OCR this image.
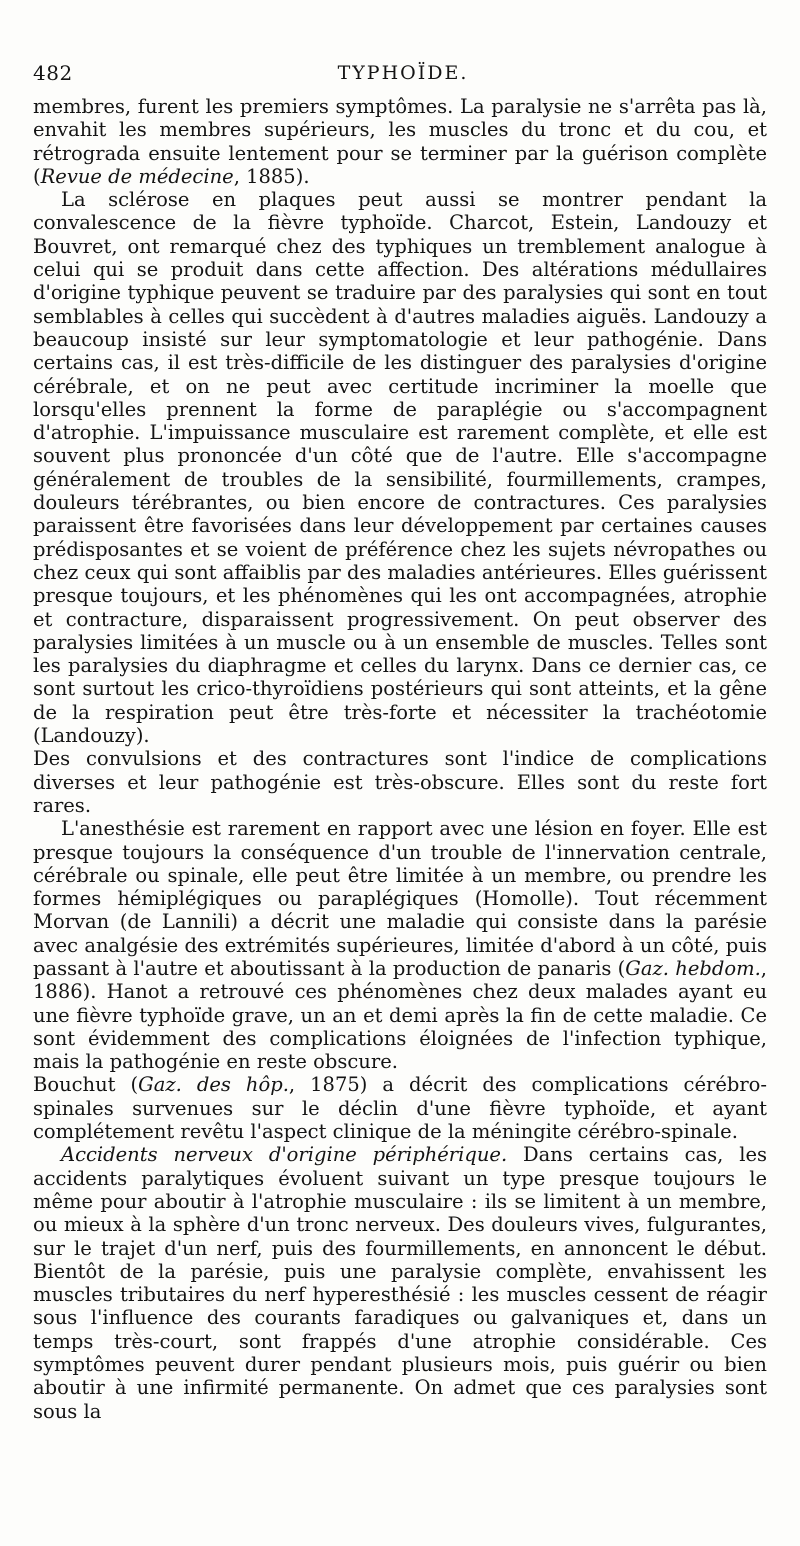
482	TYPHOÏDE.

membres, furent les premiers symptômes. La paralysie ne s'arrêta pas là, envahit les membres supérieurs, les muscles du tronc et du cou, et rétrograda ensuite lentement pour se terminer par la guérison complète (Revue de médecine, 1885).

La sclérose en plaques peut aussi se montrer pendant la convalescence de la fièvre typhoïde. Charcot, Estein, Landouzy et Bouvret, ont remarqué chez des typhiques un tremblement analogue à celui qui se produit dans cette affection. Des altérations médullaires d'origine typhique peuvent se traduire par des paralysies qui sont en tout semblables à celles qui succèdent à d'autres maladies aiguës. Landouzy a beaucoup insisté sur leur symptomatologie et leur pathogénie. Dans certains cas, il est très-difficile de les distinguer des paralysies d'origine cérébrale, et on ne peut avec certitude incriminer la moelle que lorsqu'elles prennent la forme de paraplégie ou s'accompagnent d'atrophie. L'impuissance musculaire est rarement complète, et elle est souvent plus prononcée d'un côté que de l'autre. Elle s'accompagne généralement de troubles de la sensibilité, fourmillements, crampes, douleurs térébrantes, ou bien encore de contractures. Ces paralysies paraissent être favorisées dans leur développement par certaines causes prédisposantes et se voient de préférence chez les sujets névropathes ou chez ceux qui sont affaiblis par des maladies antérieures. Elles guérissent presque toujours, et les phénomènes qui les ont accompagnées, atrophie et contracture, disparaissent progressivement. On peut observer des paralysies limitées à un muscle ou à un ensemble de muscles. Telles sont les paralysies du diaphragme et celles du larynx. Dans ce dernier cas, ce sont surtout les crico-thyroïdiens postérieurs qui sont atteints, et la gêne de la respiration peut être très-forte et nécessiter la trachéotomie (Landouzy).

Des convulsions et des contractures sont l'indice de complications diverses et leur pathogénie est très-obscure. Elles sont du reste fort rares.

L'anesthésie est rarement en rapport avec une lésion en foyer. Elle est presque toujours la conséquence d'un trouble de l'innervation centrale, cérébrale ou spinale, elle peut être limitée à un membre, ou prendre les formes hémiplégiques ou paraplégiques (Homolle). Tout récemment Morvan (de Lannili) a décrit une maladie qui consiste dans la parésie avec analgésie des extrémités supérieures, limitée d'abord à un côté, puis passant à l'autre et aboutissant à la production de panaris (Gaz. hebdom., 1886). Hanot a retrouvé ces phénomènes chez deux malades ayant eu une fièvre typhoïde grave, un an et demi après la fin de cette maladie. Ce sont évidemment des complications éloignées de l'infection typhique, mais la pathogénie en reste obscure.

Bouchut (Gaz. des hôp., 1875) a décrit des complications cérébro-spinales survenues sur le déclin d'une fièvre typhoïde, et ayant complétement revêtu l'aspect clinique de la méningite cérébro-spinale.

Accidents nerveux d'origine périphérique. Dans certains cas, les accidents paralytiques évoluent suivant un type presque toujours le même pour aboutir à l'atrophie musculaire : ils se limitent à un membre, ou mieux à la sphère d'un tronc nerveux. Des douleurs vives, fulgurantes, sur le trajet d'un nerf, puis des fourmillements, en annoncent le début. Bientôt de la parésie, puis une paralysie complète, envahissent les muscles tributaires du nerf hyperesthésié : les muscles cessent de réagir sous l'influence des courants faradiques ou galvaniques et, dans un temps très-court, sont frappés d'une atrophie considérable. Ces symptômes peuvent durer pendant plusieurs mois, puis guérir ou bien aboutir à une infirmité permanente. On admet que ces paralysies sont sous la
